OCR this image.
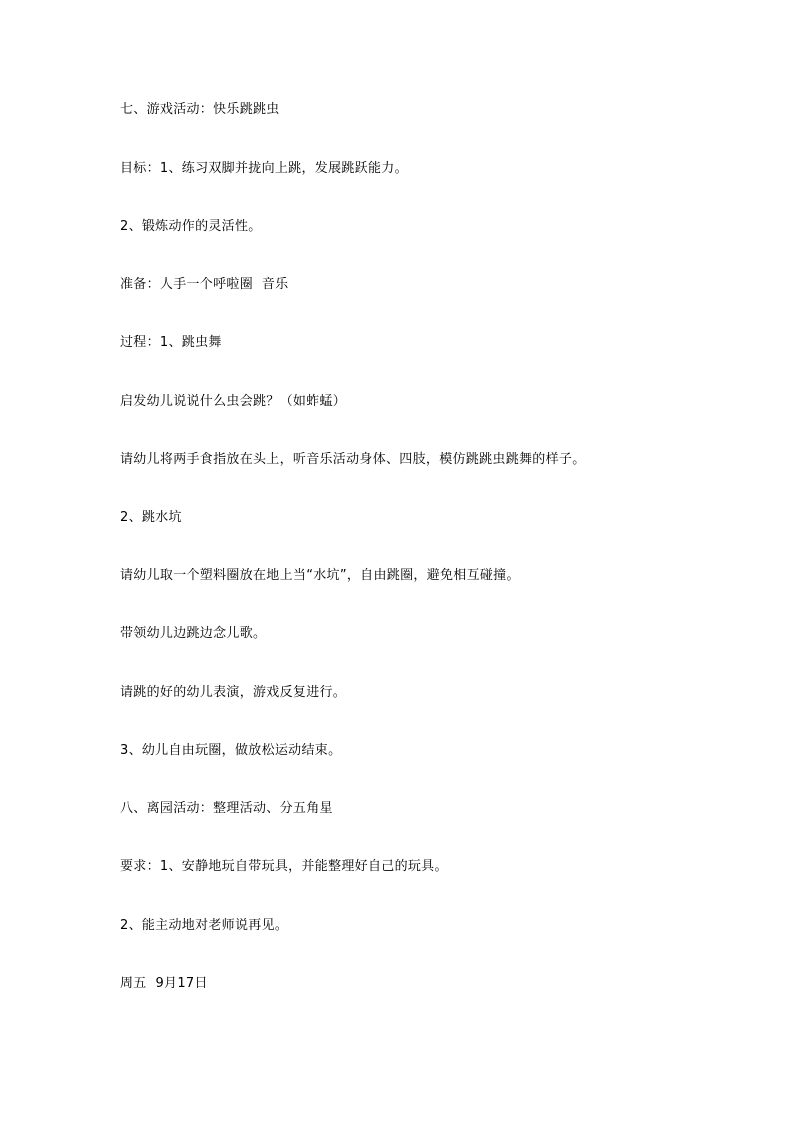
七、游戏活动：快乐跳跳虫

目标：1、练习双脚并拢向上跳，发展跳跃能力。

2、锻炼动作的灵活性。

准备：人手一个呼啦圈  音乐

过程：1、跳虫舞

启发幼儿说说什么虫会跳？（如蚱蜢）

请幼儿将两手食指放在头上，听音乐活动身体、四肢，模仿跳跳虫跳舞的样子。

2、跳水坑

请幼儿取一个塑料圈放在地上当“水坑”，自由跳圈，避免相互碰撞。

带领幼儿边跳边念儿歌。

请跳的好的幼儿表演，游戏反复进行。

3、幼儿自由玩圈，做放松运动结束。

八、离园活动：整理活动、分五角星

要求：1、安静地玩自带玩具，并能整理好自己的玩具。

2、能主动地对老师说再见。

周五  9月17日
